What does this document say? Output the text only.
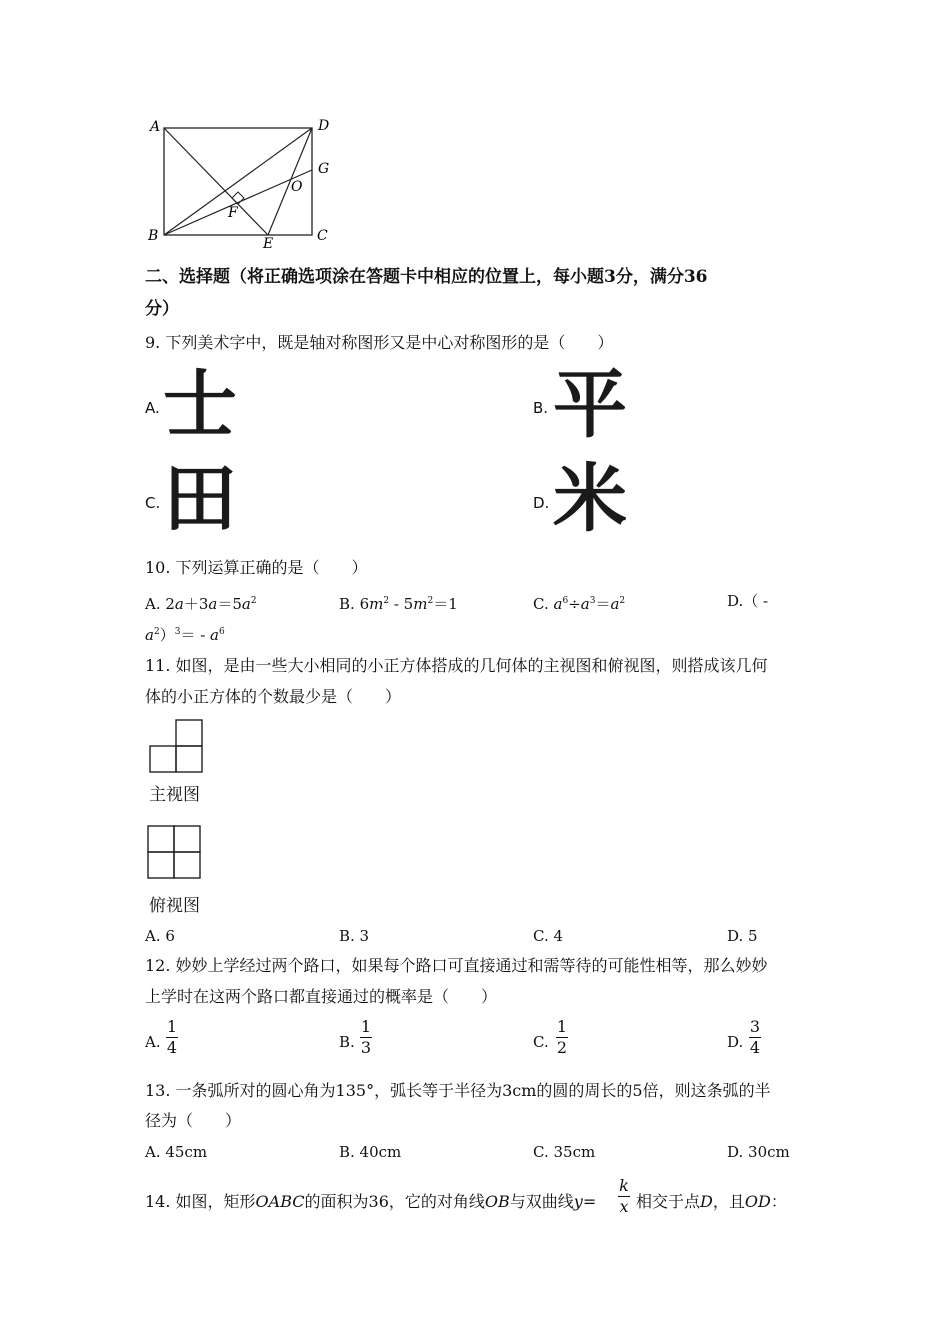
A	D
G
O
F
B	E	C
二、选择题（将正确选项涂在答题卡中相应的位置上，每小题3分，满分36
分）
9. 下列美术字中，既是轴对称图形又是中心对称图形的是（　　）
A. 士	B. 平
C. 田	D. 米
10. 下列运算正确的是（　　）
A. $2a+3a=5a^2$	B. $6m^2 - 5m^2=1$	C. $a^6\div a^3=a^2$	D.（ -
$a^2)^3= - a^6$
11. 如图，是由一些大小相同的小正方体搭成的几何体的主视图和俯视图，则搭成该几何
体的小正方体的个数最少是（　　）
主视图
俯视图
A. 6	B. 3	C. 4	D. 5
12. 妙妙上学经过两个路口，如果每个路口可直接通过和需等待的可能性相等，那么妙妙
上学时在这两个路口都直接通过的概率是（　　）
A.
1
4	B.
1
3	C.
1
2	D.
3
4
13. 一条弧所对的圆心角为135°，弧长等于半径为3cm的圆的周长的5倍，则这条弧的半
径为（　　）
A. 45cm	B. 40cm	C. 35cm	D. 30cm
14. 如图，矩形OABC的面积为36，它的对角线OB与双曲线y=
k
x 相交于点D，且OD：
